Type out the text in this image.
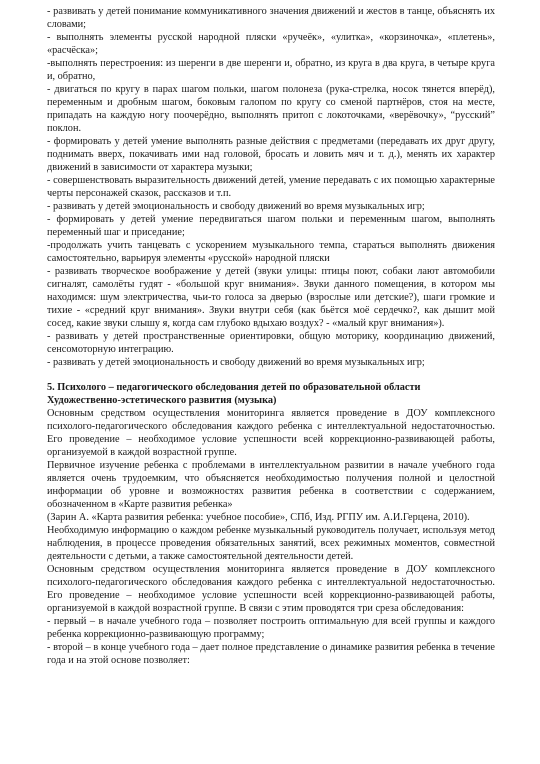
- развивать у детей понимание коммуникативного значения движений и жестов в танце, объяснять их словами;

- выполнять элементы русской народной пляски «ручеёк», «улитка», «корзиночка», «плетень», «расчёска»;

-выполнять перестроения: из шеренги в две шеренги и, обратно, из круга в два круга, в четыре круга и, обратно,

- двигаться по кругу в парах шагом польки, шагом полонеза (рука-стрелка, носок тянется вперёд), переменным и дробным шагом, боковым галопом по кругу со сменой партнёров, стоя на месте, припадать на каждую ногу поочерёдно, выполнять притоп с локоточками, «верёвочку», “русский” поклон.

- формировать у детей умение выполнять разные действия с предметами (передавать их друг другу, поднимать вверх, покачивать ими над головой, бросать и ловить мяч и т. д.), менять их характер движений в зависимости от характера музыки;

- совершенствовать выразительность движений детей, умение передавать с их помощью характерные черты персонажей сказок, рассказов и т.п.

- развивать у детей эмоциональность и свободу движений во время музыкальных игр;

- формировать у детей умение передвигаться шагом польки и переменным шагом, выполнять переменный шаг и приседание;

-продолжать учить танцевать с ускорением музыкального темпа, стараться выполнять движения самостоятельно, варьируя элементы «русской» народной пляски

- развивать творческое воображение у детей (звуки улицы: птицы поют, собаки лают автомобили сигналят, самолёты гудят - «большой круг внимания». Звуки данного помещения, в котором мы находимся: шум электричества, чьи-то голоса за дверью (взрослые или детские?), шаги громкие и тихие - «средний круг внимания». Звуки внутри себя (как бьётся моё сердечко?, как дышит мой сосед, какие звуки слышу я, когда сам глубоко вдыхаю воздух? - «малый круг внимания»).

- развивать у детей пространственные ориентировки, общую моторику, координацию движений, сенсомоторную интеграцию.

- развивать у детей эмоциональность и свободу движений во время музыкальных игр;

5. Психолого – педагогического обследования детей по образовательной области

Художественно-эстетического развития (музыка)

Основным средством осуществления мониторинга является проведение в ДОУ комплексного психолого-педагогического обследования каждого ребенка с интеллектуальной недостаточностью. Его проведение – необходимое условие успешности всей коррекционно-развивающей работы, организуемой в каждой возрастной группе.

Первичное изучение ребенка с проблемами в интеллектуальном развитии в начале учебного года является очень трудоемким, что объясняется необходимостью получения полной и целостной информации об уровне и возможностях развития ребенка в соответствии с содержанием, обозначенном в «Карте развития ребенка»

(Зарин А. «Карта развития ребенка: учебное пособие», СПб, Изд. РГПУ им. А.И.Герцена, 2010).

Необходимую информацию о каждом ребенке музыкальный руководитель получает, используя метод наблюдения, в процессе проведения обязательных занятий, всех режимных моментов, совместной деятельности с детьми, а также самостоятельной деятельности детей.

Основным средством осуществления мониторинга является проведение в ДОУ комплексного психолого-педагогического обследования каждого ребенка с интеллектуальной недостаточностью. Его проведение – необходимое условие успешности всей коррекционно-развивающей работы, организуемой в каждой возрастной группе. В связи с этим проводятся три среза обследования:

- первый – в начале учебного года – позволяет построить оптимальную для всей группы и каждого ребенка коррекционно-развивающую программу;

- второй – в конце учебного года – дает полное представление о динамике развития ребенка в течение года и на этой основе позволяет:
